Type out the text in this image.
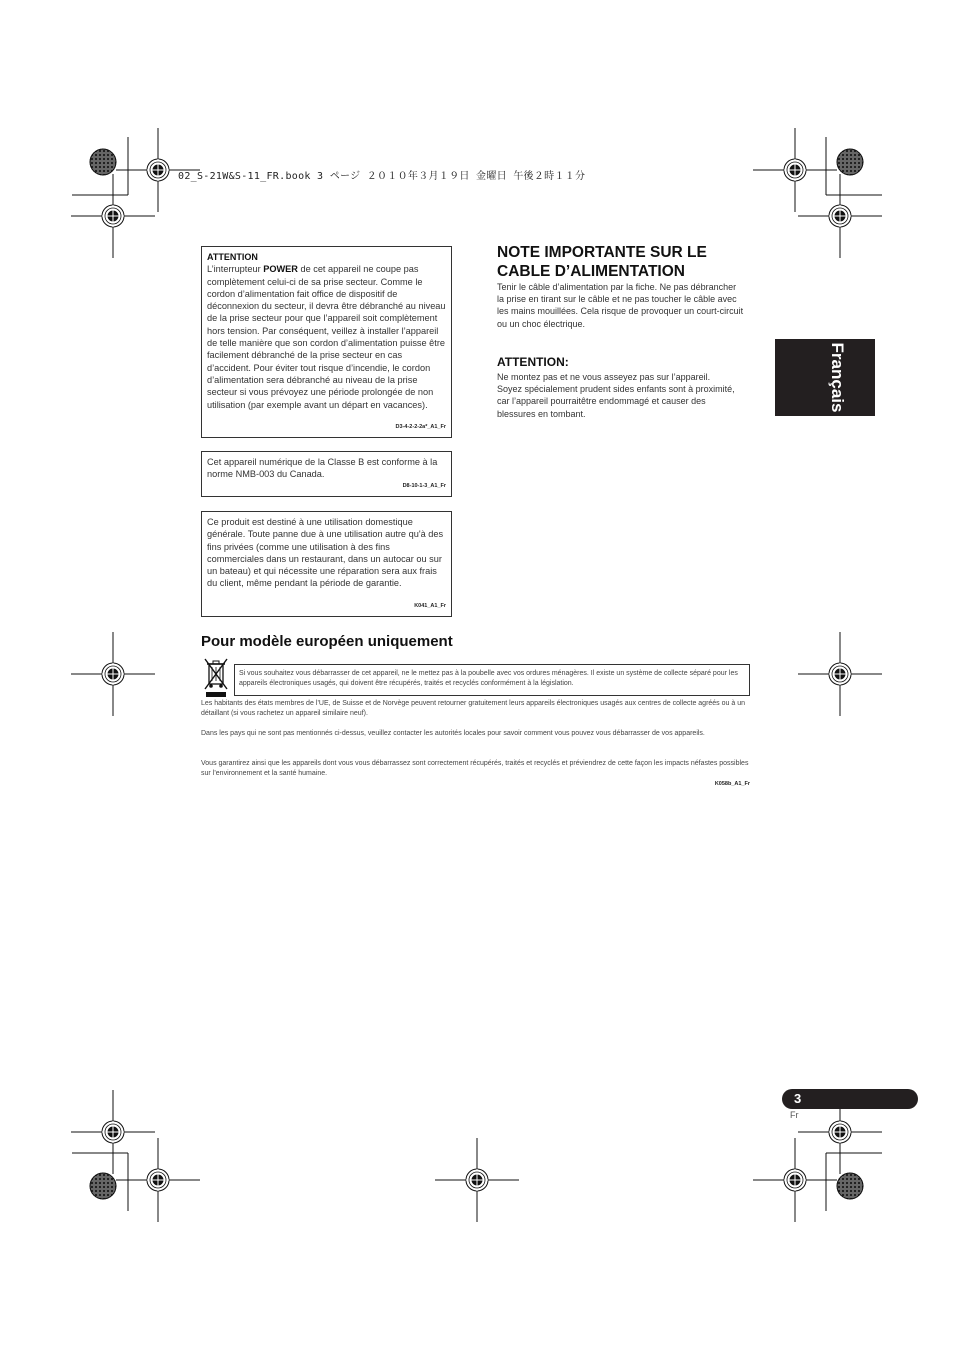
02_S-21W&S-11_FR.book 3 ページ ２０１０年３月１９日 金曜日 午後２時１１分
ATTENTION

L’interrupteur POWER de cet appareil ne coupe pas complètement celui-ci de sa prise secteur. Comme le cordon d’alimentation fait office de dispositif de déconnexion du secteur, il devra être débranché au niveau de la prise secteur pour que l’appareil soit complètement hors tension. Par conséquent, veillez à installer l’appareil de telle manière que son cordon d’alimentation puisse être facilement débranché de la prise secteur en cas d’accident. Pour éviter tout risque d’incendie, le cordon d’alimentation sera débranché au niveau de la prise secteur si vous prévoyez une période prolongée de non utilisation (par exemple avant un départ en vacances).

D3-4-2-2-2a*_A1_Fr

Cet appareil numérique de la Classe B est conforme à la norme NMB-003 du Canada.

D8-10-1-3_A1_Fr

Ce produit est destiné à une utilisation domestique générale. Toute panne due à une utilisation autre qu'à des fins privées (comme une utilisation à des fins commerciales dans un restaurant, dans un autocar ou sur un bateau) et qui nécessite une réparation sera aux frais du client, même pendant la période de garantie.

K041_A1_Fr
NOTE IMPORTANTE SUR LE
CABLE D’ALIMENTATION

Tenir le câble d’alimentation par la fiche. Ne pas débrancher la prise en tirant sur le câble et ne pas toucher le câble avec les mains mouillées. Cela risque de provoquer un court-circuit ou un choc électrique.

ATTENTION:

Ne montez pas et ne vous asseyez pas sur l’appareil. Soyez spécialement prudent sides enfants sont à proximité, car l’appareil pourraitêtre endommagé et causer des blessures en tombant.

Français
Pour modèle européen uniquement

Si vous souhaitez vous débarrasser de cet appareil, ne le mettez pas à la poubelle avec vos ordures ménagères. Il existe un système de collecte séparé pour les appareils électroniques usagés, qui doivent être récupérés, traités et recyclés conformément à la législation.

Les habitants des états membres de l’UE, de Suisse et de Norvège peuvent retourner gratuitement leurs appareils électroniques usagés aux centres de collecte agréés ou à un détaillant (si vous rachetez un appareil similaire neuf).

Dans les pays qui ne sont pas mentionnés ci-dessus, veuillez contacter les autorités locales pour savoir comment vous pouvez vous débarrasser de vos appareils.

Vous garantirez ainsi que les appareils dont vous vous débarrassez sont correctement récupérés, traités et recyclés et préviendrez de cette façon les impacts néfastes possibles sur l’environnement et la santé humaine.

K058b_A1_Fr
3
Fr
